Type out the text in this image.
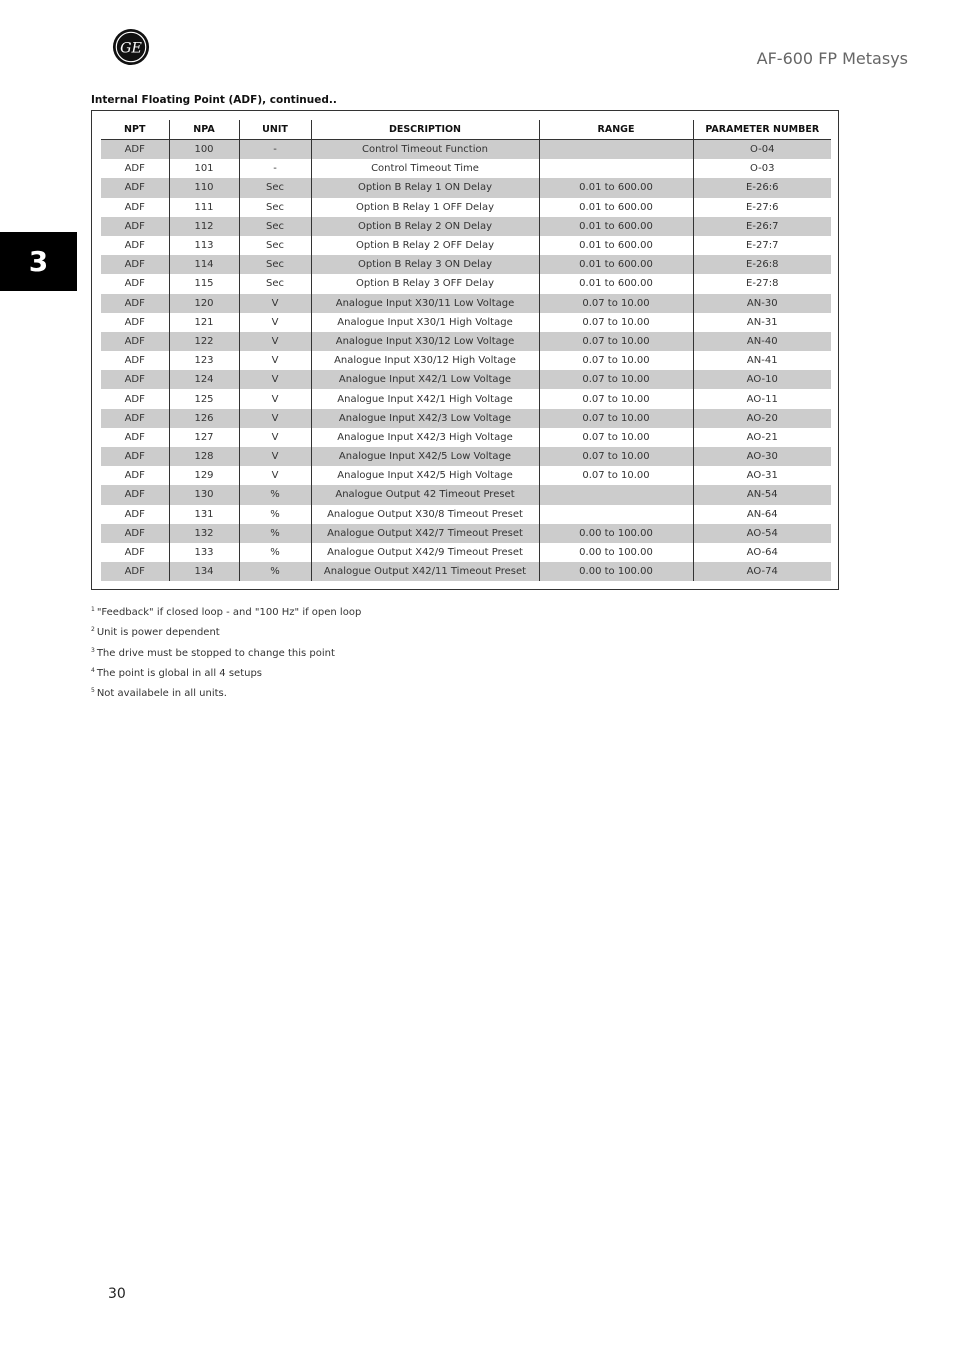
GE
AF-600 FP Metasys
3
Internal Floating Point (ADF), continued..
NPT	NPA	UNIT	DESCRIPTION	RANGE	PARAMETER NUMBER
ADF	100	-	Control Timeout Function		O-04
ADF	101	-	Control Timeout Time		O-03
ADF	110	Sec	Option B Relay 1 ON Delay	0.01 to 600.00	E-26:6
ADF	111	Sec	Option B Relay 1 OFF Delay	0.01 to 600.00	E-27:6
ADF	112	Sec	Option B Relay 2 ON Delay	0.01 to 600.00	E-26:7
ADF	113	Sec	Option B Relay 2 OFF Delay	0.01 to 600.00	E-27:7
ADF	114	Sec	Option B Relay 3 ON Delay	0.01 to 600.00	E-26:8
ADF	115	Sec	Option B Relay 3 OFF Delay	0.01 to 600.00	E-27:8
ADF	120	V	Analogue Input X30/11 Low Voltage	0.07 to 10.00	AN-30
ADF	121	V	Analogue Input X30/1 High Voltage	0.07 to 10.00	AN-31
ADF	122	V	Analogue Input X30/12 Low Voltage	0.07 to 10.00	AN-40
ADF	123	V	Analogue Input X30/12 High Voltage	0.07 to 10.00	AN-41
ADF	124	V	Analogue Input X42/1 Low Voltage	0.07 to 10.00	AO-10
ADF	125	V	Analogue Input X42/1 High Voltage	0.07 to 10.00	AO-11
ADF	126	V	Analogue Input X42/3 Low Voltage	0.07 to 10.00	AO-20
ADF	127	V	Analogue Input X42/3 High Voltage	0.07 to 10.00	AO-21
ADF	128	V	Analogue Input X42/5 Low Voltage	0.07 to 10.00	AO-30
ADF	129	V	Analogue Input X42/5 High Voltage	0.07 to 10.00	AO-31
ADF	130	%	Analogue Output 42 Timeout Preset		AN-54
ADF	131	%	Analogue Output X30/8 Timeout Preset		AN-64
ADF	132	%	Analogue Output X42/7 Timeout Preset	0.00 to 100.00	AO-54
ADF	133	%	Analogue Output X42/9 Timeout Preset	0.00 to 100.00	AO-64
ADF	134	%	Analogue Output X42/11 Timeout Preset	0.00 to 100.00	AO-74
$^1$ "Feedback" if closed loop - and "100 Hz" if open loop
$^2$ Unit is power dependent
$^3$ The drive must be stopped to change this point
$^4$ The point is global in all 4 setups
$^5$ Not availabele in all units.
30
